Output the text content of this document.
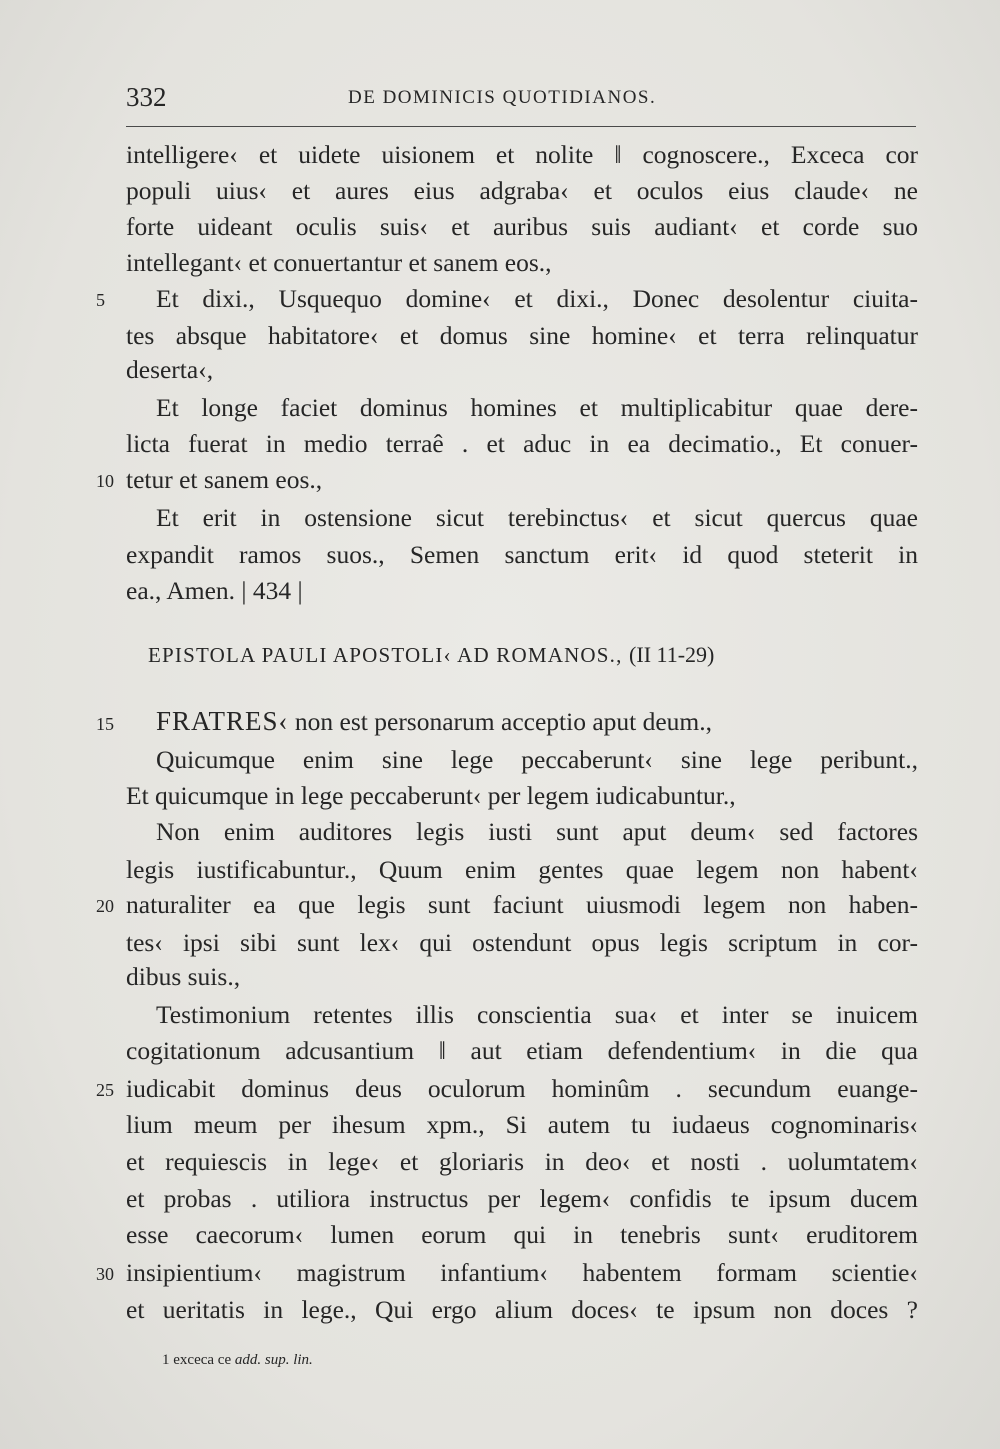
332	DE DOMINICIS QUOTIDIANOS.
intelligere‹ et uidete uisionem et nolite ‖ cognoscere., Exceca cor
populi uius‹ et aures eius adgraba‹ et oculos eius claude‹ ne
forte uideant oculis suis‹ et auribus suis audiant‹ et corde suo
intellegant‹ et conuertantur et sanem eos.,
5	Et dixi., Usquequo domine‹ et dixi., Donec desolentur ciuita-
tes absque habitatore‹ et domus sine homine‹ et terra relinquatur
deserta‹,
Et longe faciet dominus homines et multiplicabitur quae dere-
licta fuerat in medio terraê . et aduc in ea decimatio., Et conuer-
10 tetur et sanem eos.,
Et erit in ostensione sicut terebinctus‹ et sicut quercus quae
expandit ramos suos., Semen sanctum erit‹ id quod steterit in
ea., Amen. | 434 |
EPISTOLA PAULI APOSTOLI‹ AD ROMANOS., (II 11-29)
15 FRATRES‹ non est personarum acceptio aput deum.,
Quicumque enim sine lege peccaberunt‹ sine lege peribunt.,
Et quicumque in lege peccaberunt‹ per legem iudicabuntur.,
Non enim auditores legis iusti sunt aput deum‹ sed factores
legis iustificabuntur., Quum enim gentes quae legem non habent‹
20 naturaliter ea que legis sunt faciunt uiusmodi legem non haben-
tes‹ ipsi sibi sunt lex‹ qui ostendunt opus legis scriptum in cor-
dibus suis.,
Testimonium retentes illis conscientia sua‹ et inter se inuicem
cogitationum adcusantium ‖ aut etiam defendentium‹ in die qua
25 iudicabit dominus deus oculorum hominûm . secundum euange-
lium meum per ihesum xpm., Si autem tu iudaeus cognominaris‹
et requiescis in lege‹ et gloriaris in deo‹ et nosti . uolumtatem‹
et probas . utiliora instructus per legem‹ confidis te ipsum ducem
esse caecorum‹ lumen eorum qui in tenebris sunt‹ eruditorem
30 insipientium‹ magistrum infantium‹ habentem formam scientie‹
et ueritatis in lege., Qui ergo alium doces‹ te ipsum non doces ?
1 exceca ce add. sup. lin.
